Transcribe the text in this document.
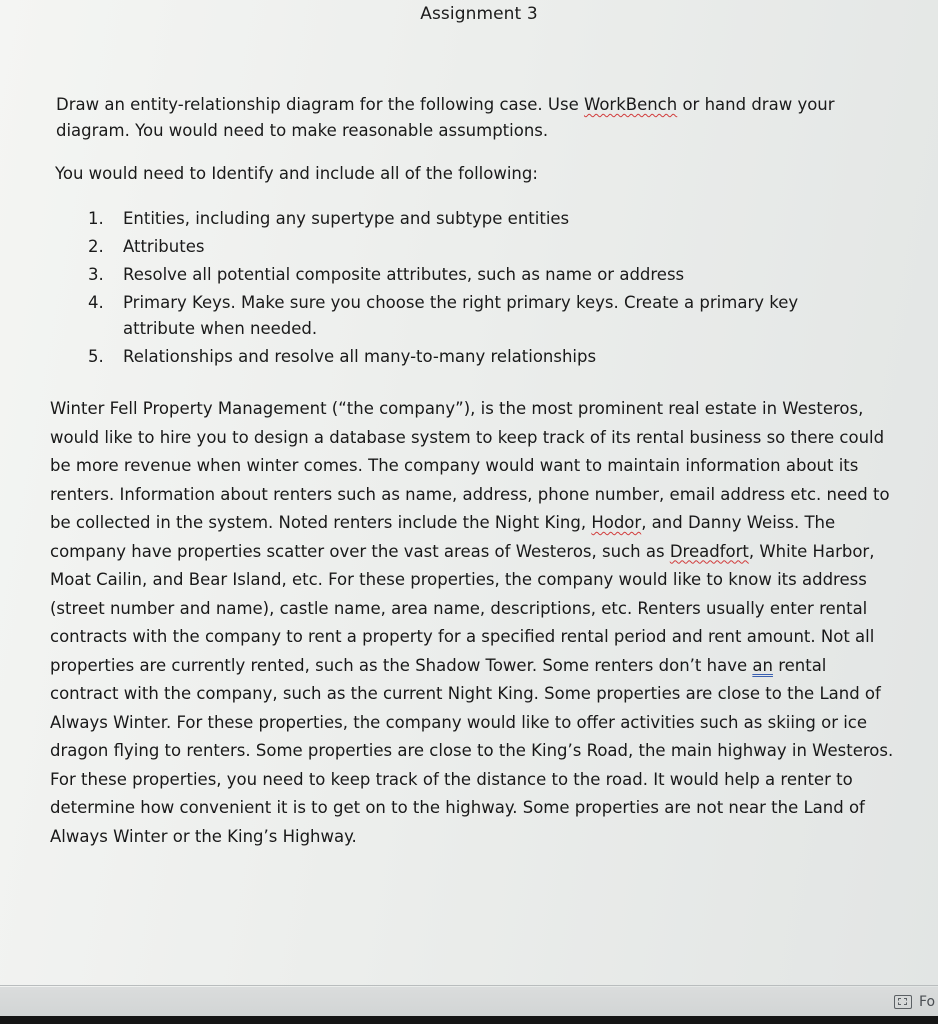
Assignment 3

Draw an entity-relationship diagram for the following case. Use WorkBench or hand draw your diagram. You would need to make reasonable assumptions.

You would need to Identify and include all of the following:

1.	Entities, including any supertype and subtype entities
2.	Attributes
3.	Resolve all potential composite attributes, such as name or address
4.	Primary Keys. Make sure you choose the right primary keys. Create a primary key attribute when needed.
5.	Relationships and resolve all many-to-many relationships

Winter Fell Property Management (“the company”), is the most prominent real estate in Westeros, would like to hire you to design a database system to keep track of its rental business so there could be more revenue when winter comes. The company would want to maintain information about its renters. Information about renters such as name, address, phone number, email address etc. need to be collected in the system. Noted renters include the Night King, Hodor, and Danny Weiss. The company have properties scatter over the vast areas of Westeros, such as Dreadfort, White Harbor, Moat Cailin, and Bear Island, etc. For these properties, the company would like to know its address (street number and name), castle name, area name, descriptions, etc. Renters usually enter rental contracts with the company to rent a property for a specified rental period and rent amount. Not all properties are currently rented, such as the Shadow Tower. Some renters don’t have an rental contract with the company, such as the current Night King. Some properties are close to the Land of Always Winter. For these properties, the company would like to offer activities such as skiing or ice dragon flying to renters. Some properties are close to the King’s Road, the main highway in Westeros. For these properties, you need to keep track of the distance to the road. It would help a renter to determine how convenient it is to get on to the highway. Some properties are not near the Land of Always Winter or the King’s Highway.

Fo
